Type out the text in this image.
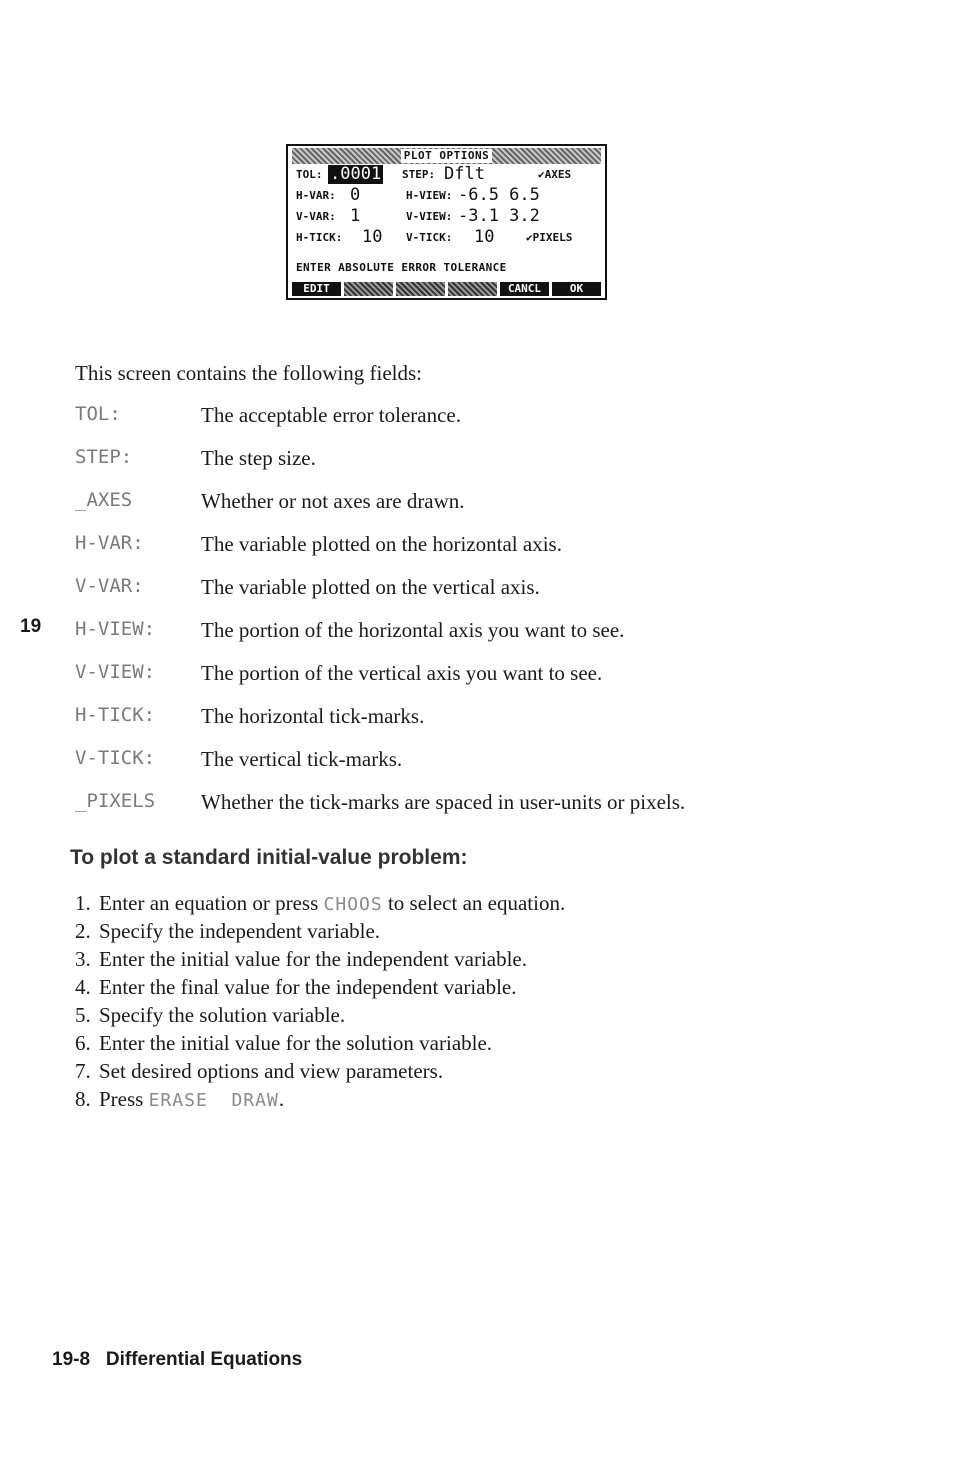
PLOT OPTIONS
TOL: .0001 STEP: Dflt	✔AXES
H-VAR: 0	H-VIEW: -6.5 6.5
V-VAR: 1	V-VIEW: -3.1 3.2
H-TICK: 10 V-TICK: 10	✔PIXELS
ENTER ABSOLUTE ERROR TOLERANCE
EDIT	CANCL	OK
This screen contains the following fields:
TOL:	The acceptable error tolerance.
STEP:	The step size.
_AXES	Whether or not axes are drawn.
H-VAR:	The variable plotted on the horizontal axis.
V-VAR:	The variable plotted on the vertical axis.
H-VIEW: The portion of the horizontal axis you want to see.
V-VIEW: The portion of the vertical axis you want to see.
H-TICK: The horizontal tick-marks.
V-TICK: The vertical tick-marks.
_PIXELS Whether the tick-marks are spaced in user-units or pixels.
19
To plot a standard initial-value problem:
1. Enter an equation or press CHOOS to select an equation.
2. Specify the independent variable.
3. Enter the initial value for the independent variable.
4. Enter the final value for the independent variable.
5. Specify the solution variable.
6. Enter the initial value for the solution variable.
7. Set desired options and view parameters.
8. Press ERASE  DRAW.
19-8   Differential Equations
